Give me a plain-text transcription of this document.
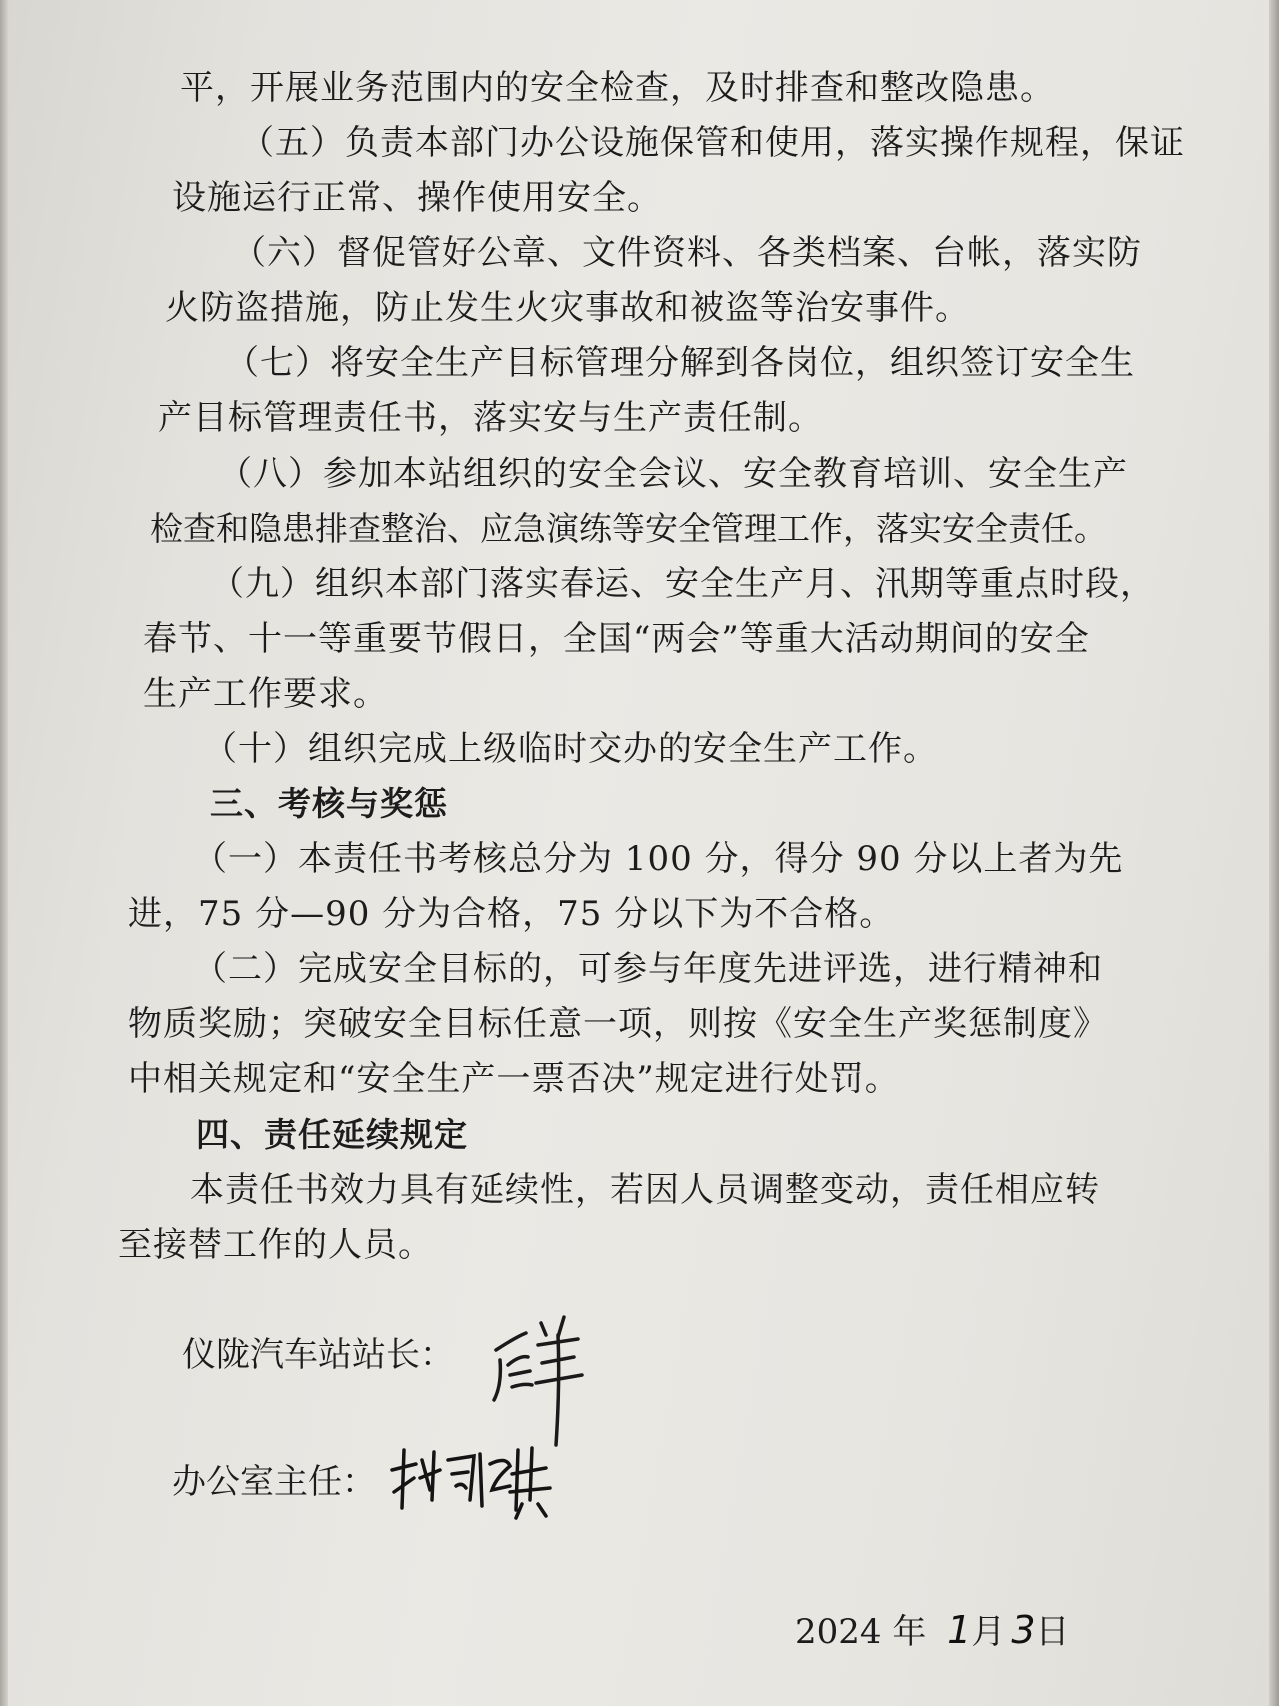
平，开展业务范围内的安全检查，及时排查和整改隐患。

（五）负责本部门办公设施保管和使用，落实操作规程，保证

设施运行正常、操作使用安全。

（六）督促管好公章、文件资料、各类档案、台帐，落实防

火防盗措施，防止发生火灾事故和被盗等治安事件。

（七）将安全生产目标管理分解到各岗位，组织签订安全生

产目标管理责任书，落实安与生产责任制。

（八）参加本站组织的安全会议、安全教育培训、安全生产

检查和隐患排查整治、应急演练等安全管理工作，落实安全责任。

（九）组织本部门落实春运、安全生产月、汛期等重点时段，

春节、十一等重要节假日，全国“两会”等重大活动期间的安全

生产工作要求。

（十）组织完成上级临时交办的安全生产工作。

三、考核与奖惩

（一）本责任书考核总分为 100 分，得分 90 分以上者为先

进，75 分—90 分为合格，75 分以下为不合格。

（二）完成安全目标的，可参与年度先进评选，进行精神和

物质奖励；突破安全目标任意一项，则按《安全生产奖惩制度》

中相关规定和“安全生产一票否决”规定进行处罚。

四、责任延续规定

本责任书效力具有延续性，若因人员调整变动，责任相应转

至接替工作的人员。

仪陇汽车站站长：
办公室主任：
2024 年 1月 3日
